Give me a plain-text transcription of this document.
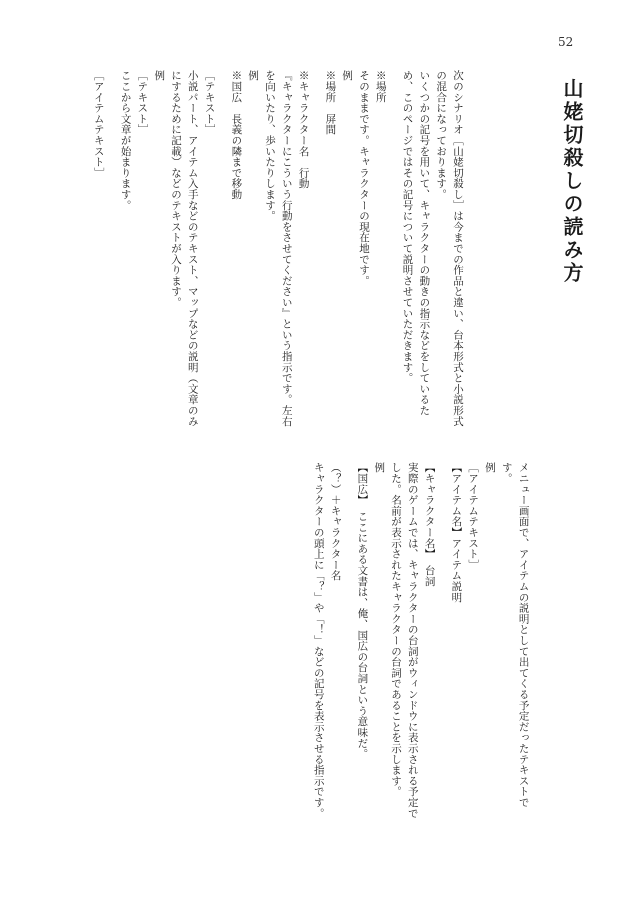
52
山姥切殺しの読み方
次のシナリオ［山姥切殺し］は今までの作品と違い、台本形式と小説形式
の混合になっております。
いくつかの記号を用いて、キャラクターの動きの指示などをしているた
め、このページではその記号について説明させていただきます。
※場所
そのままです。キャラクターの現在地です。
例
※場所　屏間
※キャラクター名　行動
『キャラクターにこういう行動をさせてください』という指示です。左右
を向いたり、歩いたりします。
例
※国広　長義の隣まで移動
［テキスト］
小説パート、アイテム入手などのテキスト、マップなどの説明（文章のみ
にするために記載）などのテキストが入ります。
例
［テキスト］
ここから文章が始まります。
［アイテムテキスト］
メニュー画面で、アイテムの説明として出てくる予定だったテキストで
す。
例
［アイテムテキスト］
【アイテム名】アイテム説明
【キャラクター名】　台詞
実際のゲームでは、キャラクターの台詞がウィンドウに表示される予定で
した。名前が表示されたキャラクターの台詞であることを示します。
例
【国広】　ここにある文書は、俺、国広の台詞という意味だ。
（？）＋キャラクター名
キャラクターの頭上に「？」や「！」などの記号を表示させる指示です。
